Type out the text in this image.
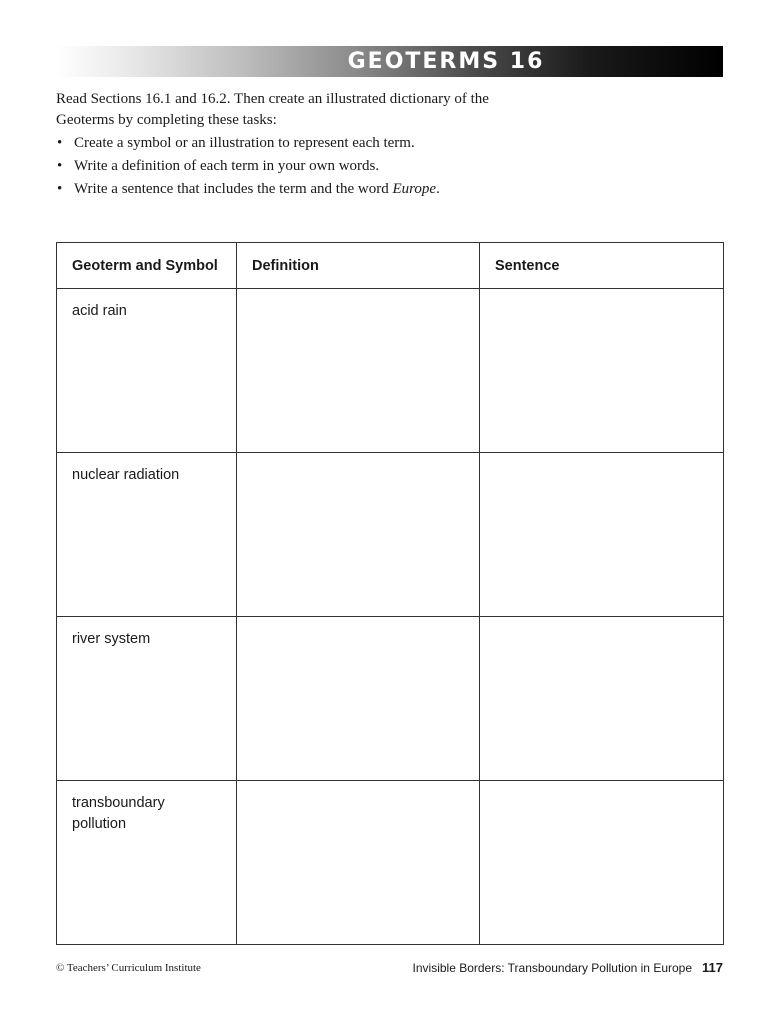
GEOTERMS 16

Read Sections 16.1 and 16.2. Then create an illustrated dictionary of the
Geoterms by completing these tasks:

• Create a symbol or an illustration to represent each term.
• Write a definition of each term in your own words.
• Write a sentence that includes the term and the word Europe.
Geoterm and Symbol	Definition	Sentence

acid rain		

nuclear radiation		

river system		

transboundary pollution		

© Teachers’ Curriculum Institute	Invisible Borders: Transboundary Pollution in Europe 117
